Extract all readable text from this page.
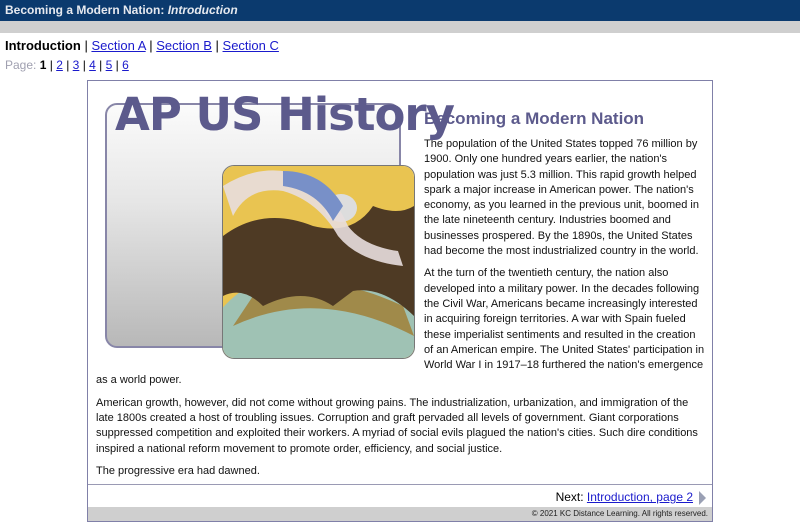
Becoming a Modern Nation: Introduction
Introduction | Section A | Section B | Section C
Page: 1 | 2 | 3 | 4 | 5 | 6
AP US History
Becoming a Modern Nation

The population of the United States topped 76 million by 1900. Only one hundred years earlier, the nation's population was just 5.3 million. This rapid growth helped spark a major increase in American power. The nation's economy, as you learned in the previous unit, boomed in the late nineteenth century. Industries boomed and businesses prospered. By the 1890s, the United States had become the most industrialized country in the world.

At the turn of the twentieth century, the nation also developed into a military power. In the decades following the Civil War, Americans became increasingly interested in acquiring foreign territories. A war with Spain fueled these imperialist sentiments and resulted in the creation of an American empire. The United States' participation in World War I in 1917–18 furthered the nation's emergence as a world power.

American growth, however, did not come without growing pains. The industrialization, urbanization, and immigration of the late 1800s created a host of troubling issues. Corruption and graft pervaded all levels of government. Giant corporations suppressed competition and exploited their workers. A myriad of social evils plagued the nation's cities. Such dire conditions inspired a national reform movement to promote order, efficiency, and social justice.

The progressive era had dawned.

Next: Introduction, page 2
© 2021 KC Distance Learning. All rights reserved.
